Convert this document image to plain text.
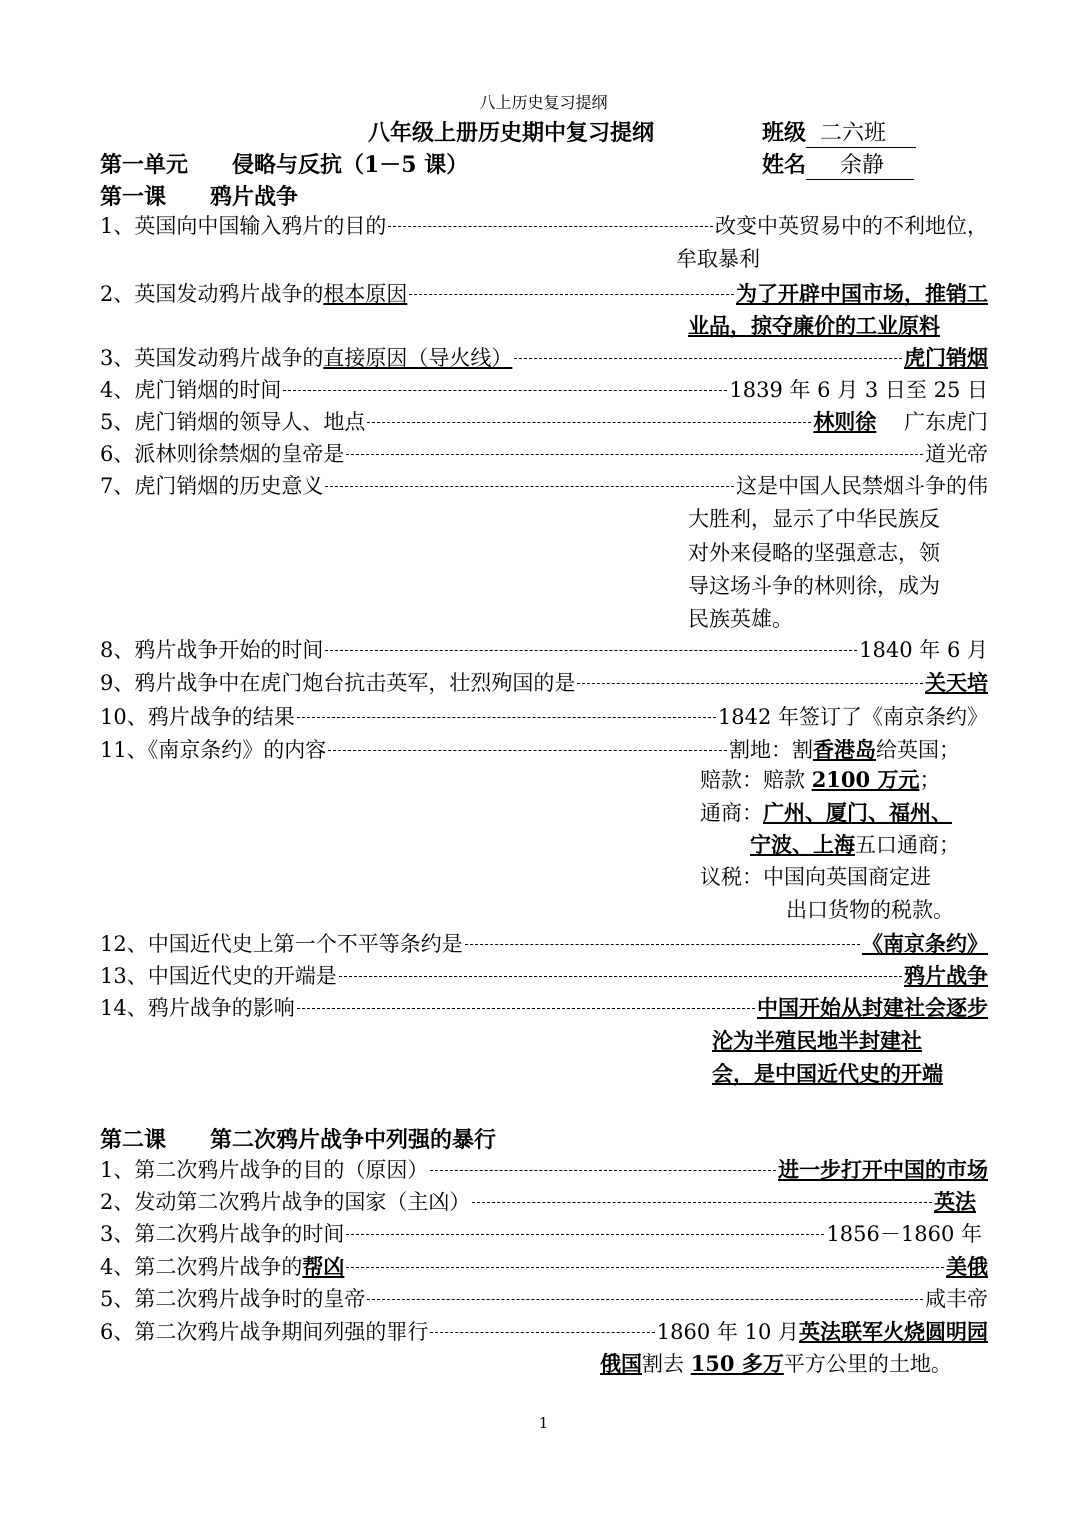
八上历史复习提纲
八年级上册历史期中复习提纲	班级 二六班
第一单元　　侵略与反抗（1－5 课）	姓名 余静
第一课　　鸦片战争
1、英国向中国输入鸦片的目的	改变中英贸易中的不利地位，
牟取暴利
2、英国发动鸦片战争的根本原因	为了开辟中国市场，推销工
业品，掠夺廉价的工业原料
3、英国发动鸦片战争的直接原因（导火线）	虎门销烟
4、虎门销烟的时间	1839 年 6 月 3 日至 25 日
5、虎门销烟的领导人、地点	林则徐　 广东虎门
6、派林则徐禁烟的皇帝是	道光帝
7、虎门销烟的历史意义	这是中国人民禁烟斗争的伟
大胜利，显示了中华民族反
对外来侵略的坚强意志，领
导这场斗争的林则徐，成为
民族英雄。
8、鸦片战争开始的时间	1840 年 6 月
9、鸦片战争中在虎门炮台抗击英军，壮烈殉国的是	关天培
10、鸦片战争的结果	1842 年签订了《南京条约》
11、《南京条约》的内容	割地：割香港岛给英国；
赔款：赔款 2100 万元；
通商：广州、厦门、福州、
宁波、上海五口通商；
议税：中国向英国商定进
出口货物的税款。
12、中国近代史上第一个不平等条约是	《南京条约》
13、中国近代史的开端是	鸦片战争
14、鸦片战争的影响	中国开始从封建社会逐步
沦为半殖民地半封建社
会，是中国近代史的开端
第二课　　第二次鸦片战争中列强的暴行
1、第二次鸦片战争的目的（原因）	进一步打开中国的市场
2、发动第二次鸦片战争的国家（主凶）	英法
3、第二次鸦片战争的时间	1856－1860 年
4、第二次鸦片战争的帮凶	美俄
5、第二次鸦片战争时的皇帝	咸丰帝
6、第二次鸦片战争期间列强的罪行	1860 年 10 月英法联军火烧圆明园
俄国割去 150 多万平方公里的土地。
1
